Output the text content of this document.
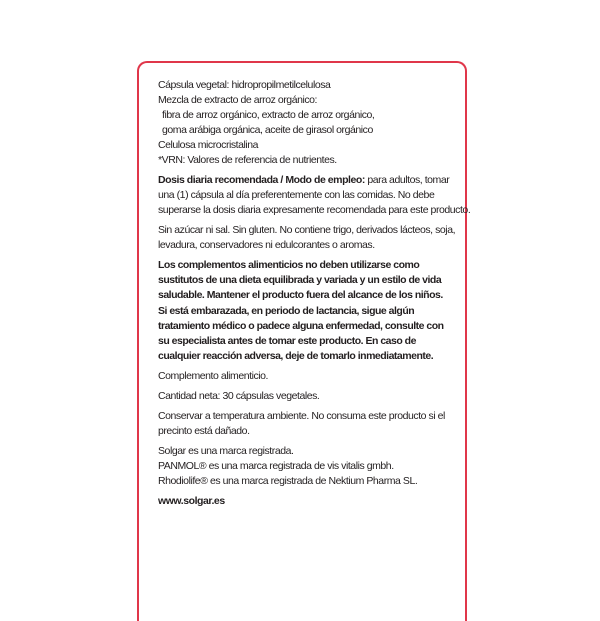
Cápsula vegetal: hidropropilmetilcelulosa
Mezcla de extracto de arroz orgánico:
fibra de arroz orgánico, extracto de arroz orgánico,
goma arábiga orgánica, aceite de girasol orgánico
Celulosa microcristalina
*VRN: Valores de referencia de nutrientes.
Dosis diaria recomendada / Modo de empleo: para adultos, tomar
una (1) cápsula al día preferentemente con las comidas. No debe
superarse la dosis diaria expresamente recomendada para este producto.
Sin azúcar ni sal. Sin gluten. No contiene trigo, derivados lácteos, soja,
levadura, conservadores ni edulcorantes o aromas.
Los complementos alimenticios no deben utilizarse como
sustitutos de una dieta equilibrada y variada y un estilo de vida
saludable. Mantener el producto fuera del alcance de los niños.
Si está embarazada, en periodo de lactancia, sigue algún
tratamiento médico o padece alguna enfermedad, consulte con
su especialista antes de tomar este producto. En caso de
cualquier reacción adversa, deje de tomarlo inmediatamente.
Complemento alimenticio.
Cantidad neta: 30 cápsulas vegetales.
Conservar a temperatura ambiente. No consuma este producto si el
precinto está dañado.
Solgar es una marca registrada.
PANMOL® es una marca registrada de vis vitalis gmbh.
Rhodiolife® es una marca registrada de Nektium Pharma SL.
www.solgar.es
